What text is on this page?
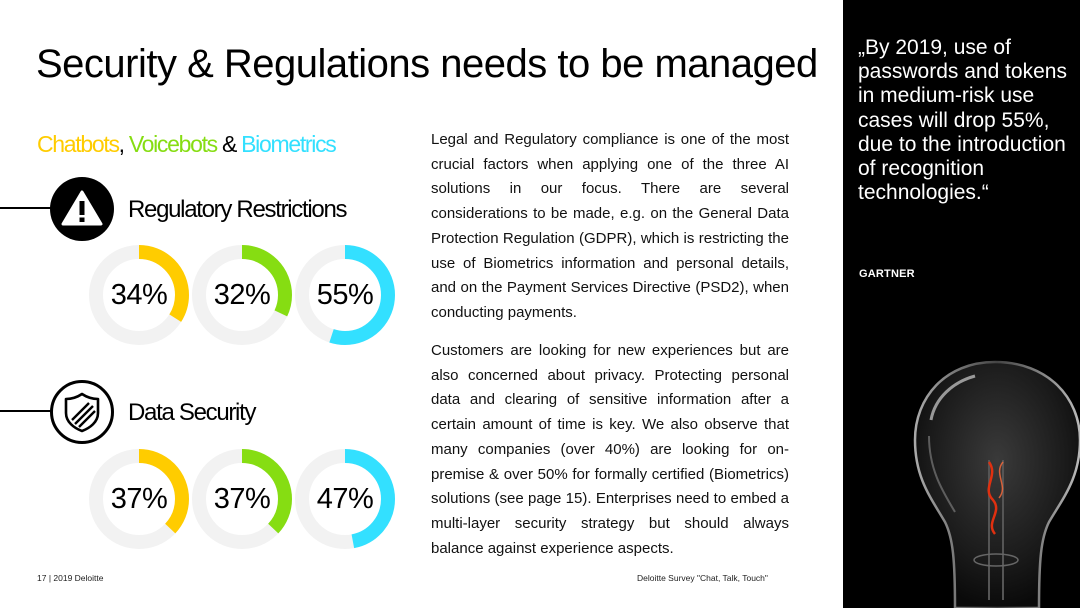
Security & Regulations needs to be managed
Chatbots, Voicebots & Biometrics
Regulatory Restrictions
34%	32%	55%
Data Security
37%	37%	47%

Legal and Regulatory compliance is one of the most crucial factors when applying one of the three AI solutions in our focus. There are several considerations to be made, e.g. on the General Data Protection Regulation (GDPR), which is restricting the use of Biometrics information and personal details, and on the Payment Services Directive (PSD2), when conducting payments.

Customers are looking for new experiences but are also concerned about privacy. Protecting personal data and clearing of sensitive information after a certain amount of time is key. We also observe that many companies (over 40%) are looking for on-premise & over 50% for formally certified (Biometrics) solutions (see page 15). Enterprises need to embed a multi-layer security strategy but should always balance against experience aspects.

17 | 2019 Deloitte	Deloitte Survey "Chat, Talk, Touch"
„By 2019, use of passwords and tokens in medium-risk use cases will drop 55%, due to the introduction of recognition technologies.“
GARTNER
